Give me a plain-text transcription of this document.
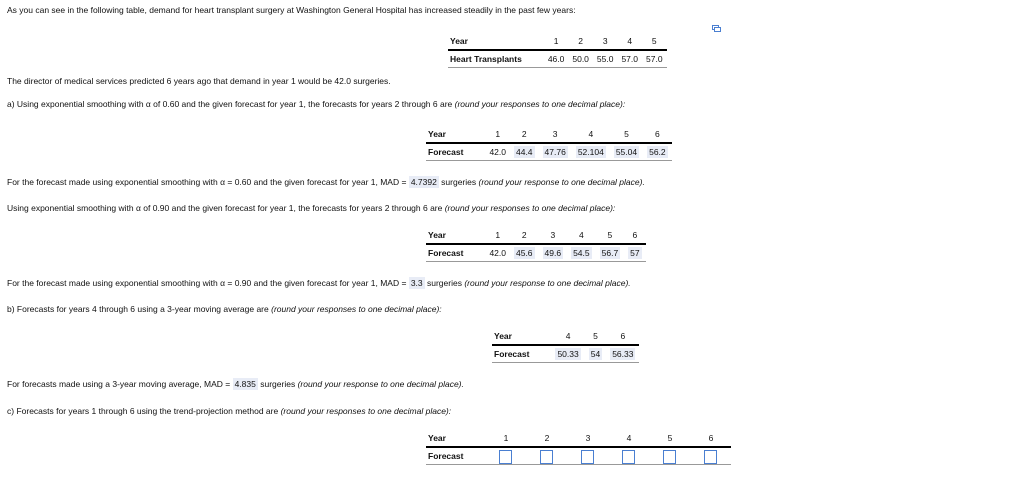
As you can see in the following table, demand for heart transplant surgery at Washington General Hospital has increased steadily in the past few years:
Year	1	2	3	4	5
Heart Transplants	46.0	50.0	55.0	57.0	57.0
The director of medical services predicted 6 years ago that demand in year 1 would be 42.0 surgeries.
a) Using exponential smoothing with α of 0.60 and the given forecast for year 1, the forecasts for years 2 through 6 are (round your responses to one decimal place):
Year	1	2	3	4	5	6
Forecast	42.0	44.4	47.76	52.104	55.04	56.2
For the forecast made using exponential smoothing with α = 0.60 and the given forecast for year 1, MAD = 4.7392 surgeries (round your response to one decimal place).
Using exponential smoothing with α of 0.90 and the given forecast for year 1, the forecasts for years 2 through 6 are (round your responses to one decimal place):
Year	1	2	3	4	5	6
Forecast	42.0	45.6	49.6	54.5	56.7	57
For the forecast made using exponential smoothing with α = 0.90 and the given forecast for year 1, MAD = 3.3 surgeries (round your response to one decimal place).
b) Forecasts for years 4 through 6 using a 3-year moving average are (round your responses to one decimal place):
Year	4	5	6
Forecast	50.33	54	56.33
For forecasts made using a 3-year moving average, MAD = 4.835 surgeries (round your response to one decimal place).
c) Forecasts for years 1 through 6 using the trend-projection method are (round your responses to one decimal place):
Year	1	2	3	4	5	6
Forecast						
